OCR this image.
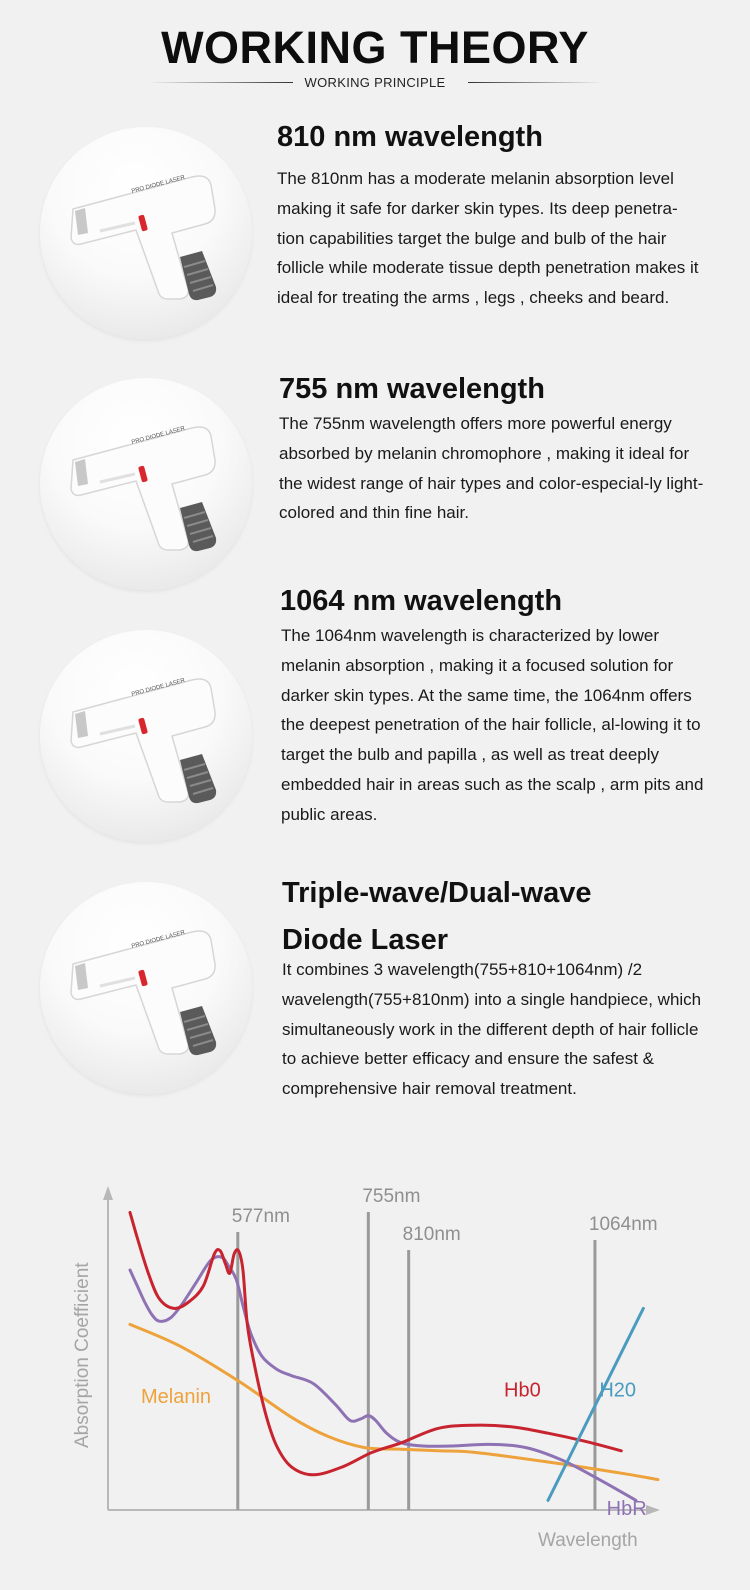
WORKING THEORY
WORKING PRINCIPLE
PRO DIODE LASER
810 nm wavelength
The 810nm has a moderate melanin absorption level making it safe for darker skin types. Its deep penetra-tion capabilities target the bulge and bulb of the hair follicle while moderate tissue depth penetration makes it ideal for treating the arms , legs , cheeks and beard.
PRO DIODE LASER
755 nm wavelength
The 755nm wavelength offers more powerful energy absorbed by melanin chromophore , making it ideal for the widest range of hair types and color-especial-ly light-colored and thin fine hair.
PRO DIODE LASER
1064 nm wavelength
The 1064nm wavelength is characterized by lower melanin absorption , making it a focused solution for darker skin types. At the same time, the 1064nm offers the deepest penetration of the hair follicle, al-lowing it to target the bulb and papilla , as well as treat deeply embedded hair in areas such as the scalp , arm pits and public areas.
PRO DIODE LASER
Triple-wave/Dual-wave
Diode Laser
It combines 3 wavelength(755+810+1064nm) /2 wavelength(755+810nm) into a single handpiece, which simultaneously work in the different depth of hair follicle to achieve better efficacy and ensure the safest & comprehensive hair removal treatment.
577nm
755nm
810nm	1064nm
Absorption Coefficient
Wavelength
Hb0	H20
HbR
Melanin
